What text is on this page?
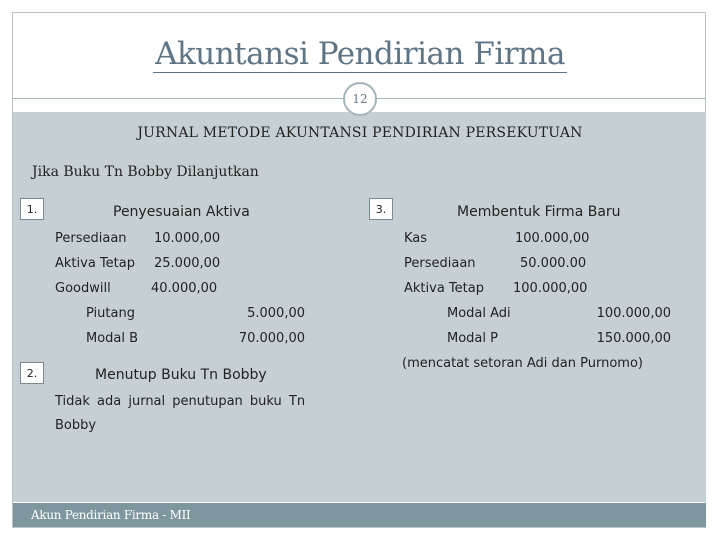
Akuntansi Pendirian Firma
12
JURNAL METODE AKUNTANSI PENDIRIAN PERSEKUTUAN
Jika Buku Tn Bobby Dilanjutkan
1.	Penyesuaian Aktiva
Persediaan 10.000,00
Aktiva Tetap 25.000,00
Goodwill	40.000,00
Piutang	5.000,00
Modal B	70.000,00
2.	Menutup Buku Tn Bobby
Tidak ada jurnal penutupan buku Tn
Bobby
3.	Membentuk Firma Baru
Kas	100.000,00
Persediaan	50.000.00
Aktiva Tetap 100.000,00
Modal Adi	100.000,00
Modal P	150.000,00
(mencatat setoran Adi dan Purnomo)
Akun Pendirian Firma - MII
